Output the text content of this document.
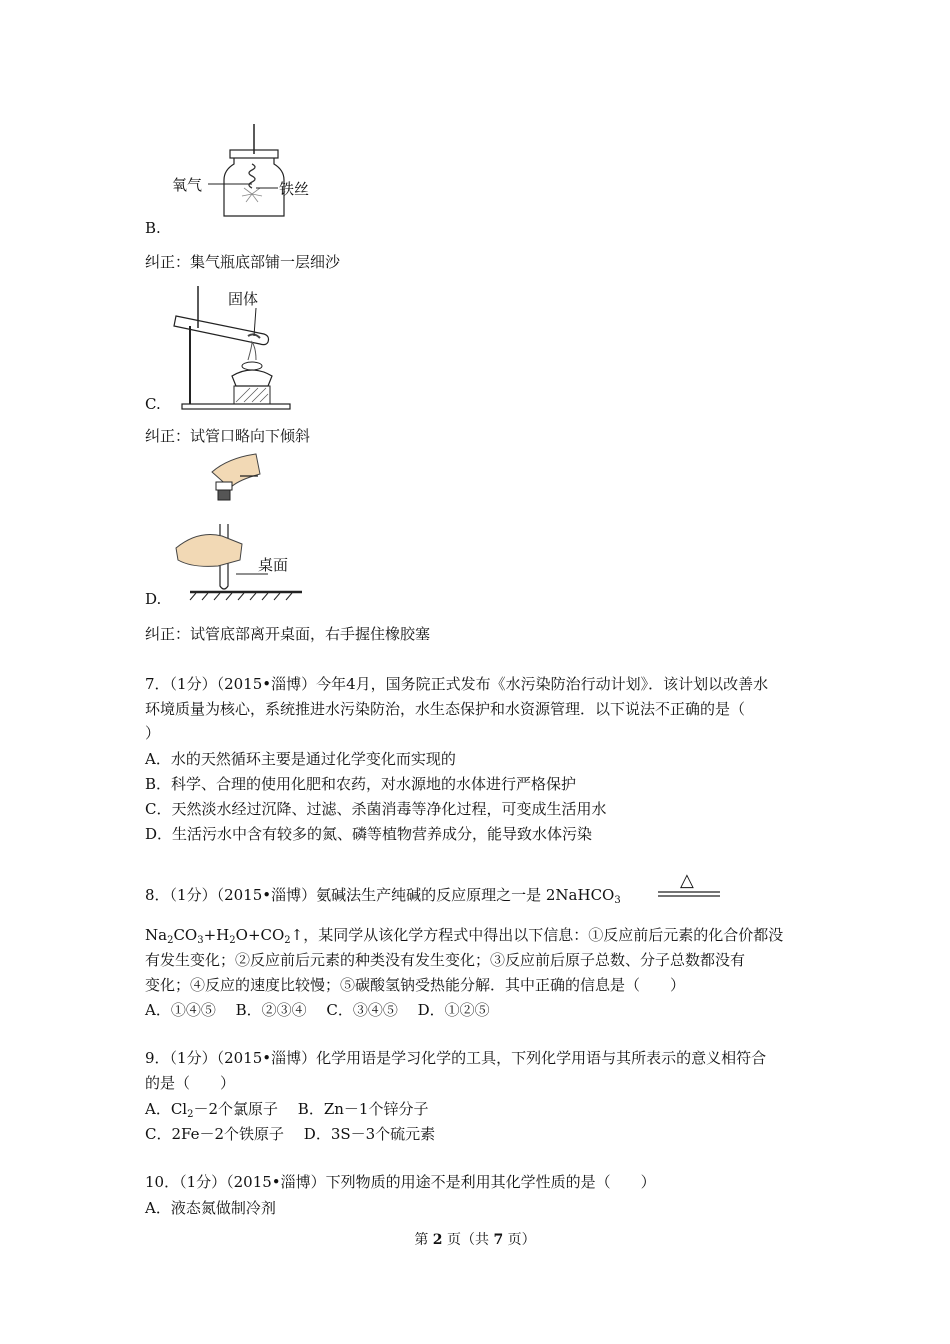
氧气	铁丝
B.
纠正：集气瓶底部铺一层细沙
固体
C.
纠正：试管口略向下倾斜
桌面
D.
纠正：试管底部离开桌面，右手握住橡胶塞
7．（1分）（2015•淄博）今年4月，国务院正式发布《水污染防治行动计划》．该计划以改善水
环境质量为核心，系统推进水污染防治，水生态保护和水资源管理．以下说法不正确的是（
）
A．水的天然循环主要是通过化学变化而实现的
B．科学、合理的使用化肥和农药，对水源地的水体进行严格保护
C．天然淡水经过沉降、过滤、杀菌消毒等净化过程，可变成生活用水
D．生活污水中含有较多的氮、磷等植物营养成分，能导致水体污染
8．（1分）（2015•淄博）氨碱法生产纯碱的反应原理之一是 2NaHCO$_3$
△
$Na_2CO_3+H_2O+CO_2↑$，某同学从该化学方程式中得出以下信息：①反应前后元素的化合价都没
有发生变化；②反应前后元素的种类没有发生变化；③反应前后原子总数、分子总数都没有
变化；④反应的速度比较慢；⑤碳酸氢钠受热能分解．其中正确的信息是（　　）
A．①④⑤　 B．②③④　 C．③④⑤　 D．①②⑤
9．（1分）（2015•淄博）化学用语是学习化学的工具，下列化学用语与其所表示的意义相符合
的是（　　）
A．$Cl_2-2$个氯原子　 B．Zn－1个锌分子
C．2Fe－2个铁原子　 D．3S－3个硫元素
10．（1分）（2015•淄博）下列物质的用途不是利用其化学性质的是（　　）
A．液态氮做制冷剂
第 2 页（共 7 页）
